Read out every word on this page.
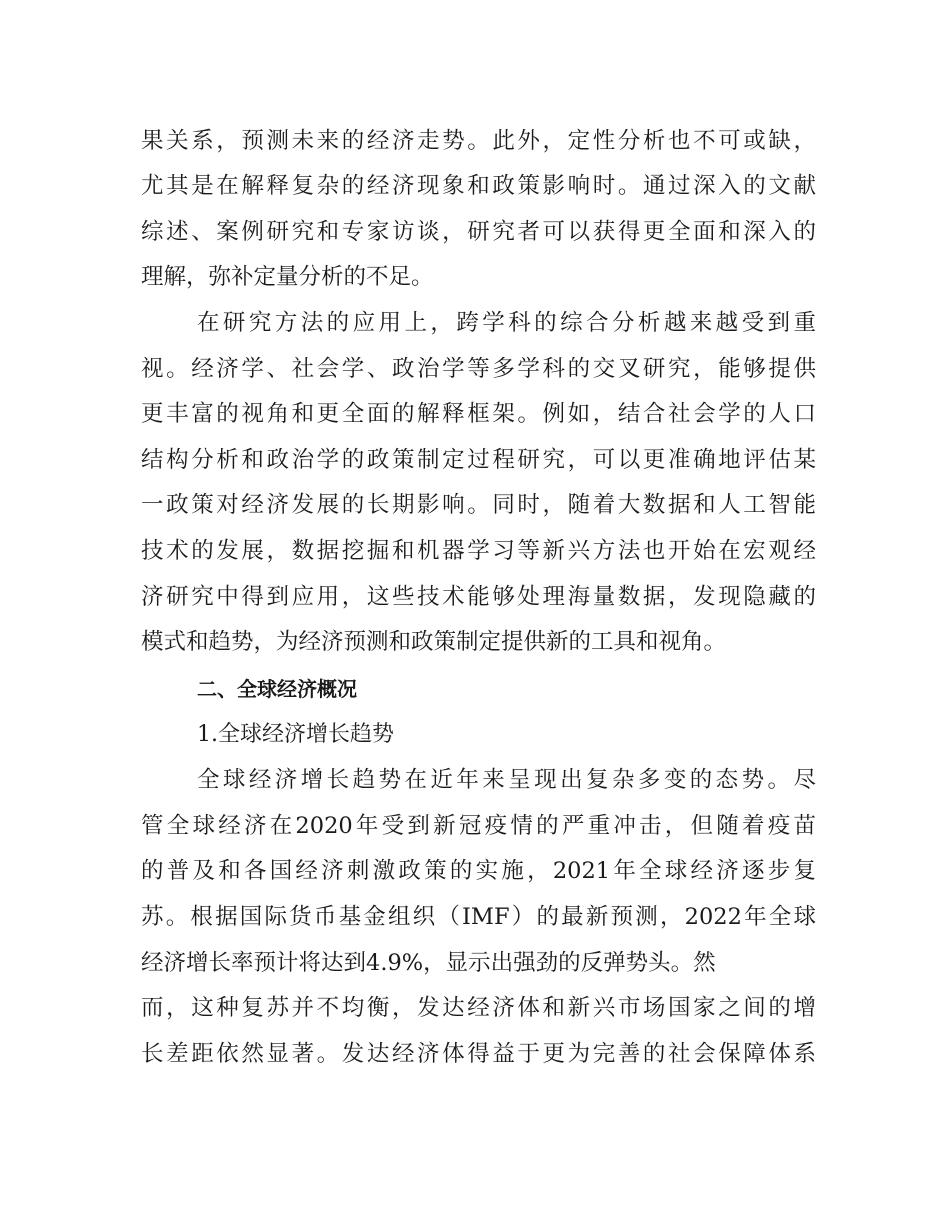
果关系，预测未来的经济走势。此外，定性分析也不可或缺，
尤其是在解释复杂的经济现象和政策影响时。通过深入的文献
综述、案例研究和专家访谈，研究者可以获得更全面和深入的
理解，弥补定量分析的不足。
在研究方法的应用上，跨学科的综合分析越来越受到重
视。经济学、社会学、政治学等多学科的交叉研究，能够提供
更丰富的视角和更全面的解释框架。例如，结合社会学的人口
结构分析和政治学的政策制定过程研究，可以更准确地评估某
一政策对经济发展的长期影响。同时，随着大数据和人工智能
技术的发展，数据挖掘和机器学习等新兴方法也开始在宏观经
济研究中得到应用，这些技术能够处理海量数据，发现隐藏的
模式和趋势，为经济预测和政策制定提供新的工具和视角。
二、全球经济概况
1.全球经济增长趋势
全球经济增长趋势在近年来呈现出复杂多变的态势。尽
管全球经济在2020年受到新冠疫情的严重冲击，但随着疫苗
的普及和各国经济刺激政策的实施，2021年全球经济逐步复
苏。根据国际货币基金组织（IMF）的最新预测，2022年全球
经济增长率预计将达到4.9%，显示出强劲的反弹势头。然
而，这种复苏并不均衡，发达经济体和新兴市场国家之间的增
长差距依然显著。发达经济体得益于更为完善的社会保障体系
